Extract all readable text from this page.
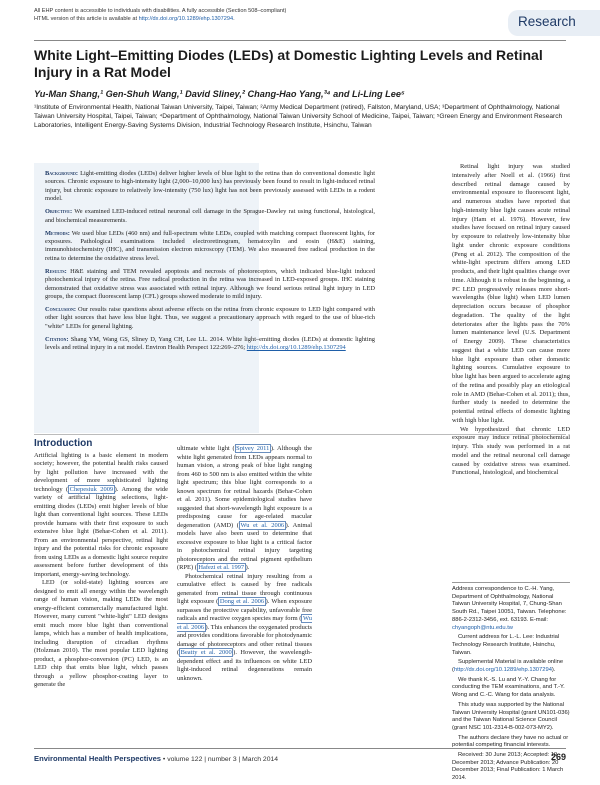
All EHP content is accessible to individuals with disabilities. A fully accessible (Section 508–compliant)
HTML version of this article is available at http://dx.doi.org/10.1289/ehp.1307294.	Research
White Light–Emitting Diodes (LEDs) at Domestic Lighting Levels and Retinal Injury in a Rat Model
Yu-Man Shang,¹ Gen-Shuh Wang,¹ David Sliney,² Chang-Hao Yang,³⁴ and Li-Ling Lee⁵
¹Institute of Environmental Health, National Taiwan University, Taipei, Taiwan; ²Army Medical Department (retired), Fallston, Maryland, USA; ³Department of Ophthalmology, National Taiwan University Hospital, Taipei, Taiwan; ⁴Department of Ophthalmology, National Taiwan University School of Medicine, Taipei, Taiwan; ⁵Green Energy and Environment Research Laboratories, Intelligent Energy-Saving Systems Division, Industrial Technology Research Institute, Hsinchu, Taiwan

Background: Light-emitting diodes (LEDs) deliver higher levels of blue light to the retina than do conventional domestic light sources. Chronic exposure to high-intensity light (2,000–10,000 lux) has previously been found to result in light-induced retinal injury, but chronic exposure to relatively low-intensity (750 lux) light has not been previously assessed with LEDs in a rodent model.

Objective: We examined LED-induced retinal neuronal cell damage in the Sprague-Dawley rat using functional, histological, and biochemical measurements.

Methods: We used blue LEDs (460 nm) and full-spectrum white LEDs, coupled with matching compact fluorescent lights, for exposures. Pathological examinations included electroretinogram, hematoxylin and eosin (H&E) staining, immunohistochemistry (IHC), and transmission electron microscopy (TEM). We also measured free radical production in the retina to determine the oxidative stress level.

Results: H&E staining and TEM revealed apoptosis and necrosis of photoreceptors, which indicated blue-light induced photochemical injury of the retina. Free radical production in the retina was increased in LED-exposed groups. IHC staining demonstrated that oxidative stress was associated with retinal injury. Although we found serious retinal light injury in LED groups, the compact fluorescent lamp (CFL) groups showed moderate to mild injury.

Conclusion: Our results raise questions about adverse effects on the retina from chronic exposure to LED light compared with other light sources that have less blue light. Thus, we suggest a precautionary approach with regard to the use of blue-rich "white" LEDs for general lighting.

Citation: Shang YM, Wang GS, Sliney D, Yang CH, Lee LL. 2014. White light–emitting diodes (LEDs) at domestic lighting levels and retinal injury in a rat model. Environ Health Perspect 122:269–276; http://dx.doi.org/10.1289/ehp.1307294

Retinal light injury was studied intensively after Noell et al. (1966) first described retinal damage caused by environmental exposure to fluorescent light, and numerous studies have reported that high-intensity blue light causes acute retinal injury (Ham et al. 1976). However, few studies have focused on retinal injury caused by exposure to relatively low-intensity blue light under chronic exposure conditions (Peng et al. 2012). The composition of the white-light spectrum differs among LED products, and their light qualities change over time. Although it is robust in the beginning, a PC LED progressively releases more short-wavelengths (blue light) when LED lumen depreciation occurs because of phosphor degradation. The quality of the light deteriorates after the lights pass the 70% lumen maintenance level (U.S. Department of Energy 2009). These characteristics suggest that a white LED can cause more blue light exposure than other domestic lighting sources. Cumulative exposure to blue light has been argued to accelerate aging of the retina and possibly play an etiological role in AMD (Behar-Cohen et al. 2011); thus, further study is needed to determine the potential retinal effects of domestic lighting with high blue light.

We hypothesized that chronic LED exposure may induce retinal photochemical injury. This study was performed in a rat model and the retinal neuronal cell damage caused by oxidative stress was examined. Functional, histological, and biochemical

Introduction

Artificial lighting is a basic element in modern society; however, the potential health risks caused by light pollution have increased with the development of more sophisticated lighting technology ( Chepesiuk 2009 ). Among the wide variety of artificial lighting selections, light-emitting diodes (LEDs) emit higher levels of blue light than conventional light sources. These LEDs provide humans with their first exposure to such extensive blue light (Behar-Cohen et al. 2011). From an environmental perspective, retinal light injury and the potential risks for chronic exposure from using LEDs as a domestic light source require assessment before further development of this important, energy-saving technology.

LED (or solid-state) lighting sources are designed to emit all energy within the wavelength range of human vision, making LEDs the most energy-efficient commercially manufactured light. However, many current "white-light" LED designs emit much more blue light than conventional lamps, which has a number of health implications, including disruption of circadian rhythms (Holzman 2010). The most popular LED lighting product, a phosphor-conversion (PC) LED, is an LED chip that emits blue light, which passes through a yellow phosphor-coating layer to generate the

ultimate white light ( Spivey 2011 ). Although the white light generated from LEDs appears normal to human vision, a strong peak of blue light ranging from 460 to 500 nm is also emitted within the white light spectrum; this blue light corresponds to a known spectrum for retinal hazards (Behar-Cohen et al. 2011). Some epidemiological studies have suggested that short-wavelength light exposure is a predisposing cause for age-related macular degeneration (AMD) ( Wu et al. 2006 ). Animal models have also been used to determine that excessive exposure to blue light is a critical factor in photochemical retinal injury targeting photoreceptors and the retinal pigment epithelium (RPE) ( Hafezi et al. 1997 ).

Photochemical retinal injury resulting from a cumulative effect is caused by free radicals generated from retinal tissue through continuous light exposure ( Dong et al. 2006 ). When exposure surpasses the protective capability, unfavorable free radicals and reactive oxygen species may form ( Wu et al. 2006 ). This enhances the oxygenated products and provides conditions favorable for photodynamic damage of photoreceptors and other retinal tissues ( Beatty et al. 2000 ). However, the wavelength-dependent effect and its influences on white LED light-induced retinal degenerations remain unknown.

Address correspondence to C.-H. Yang, Department of Ophthalmology, National Taiwan University Hospital, 7, Chung-Shan South Rd., Taipei 10051, Taiwan. Telephone: 886-2-2312-3456, ext. 63193. E-mail: chyangoph@ntu.edu.tw

Current address for L.-L. Lee: Industrial Technology Research Institute, Hsinchu, Taiwan.

Supplemental Material is available online (http://dx.doi.org/10.1289/ehp.1307294).

We thank K.-S. Lu and Y.-Y. Chang for conducting the TEM examinations, and T.-Y. Wong and C.-C. Wang for data analysis.

This study was supported by the National Taiwan University Hospital (grant UN101-036) and the Taiwan National Science Council (grant NSC 101-2314-B-002-073-MY2).

The authors declare they have no actual or potential competing financial interests.

Received: 30 June 2013; Accepted: 19 December 2013; Advance Publication: 20 December 2013; Final Publication: 1 March 2014.

Environmental Health Perspectives • volume 122 | number 3 | March 2014	269
